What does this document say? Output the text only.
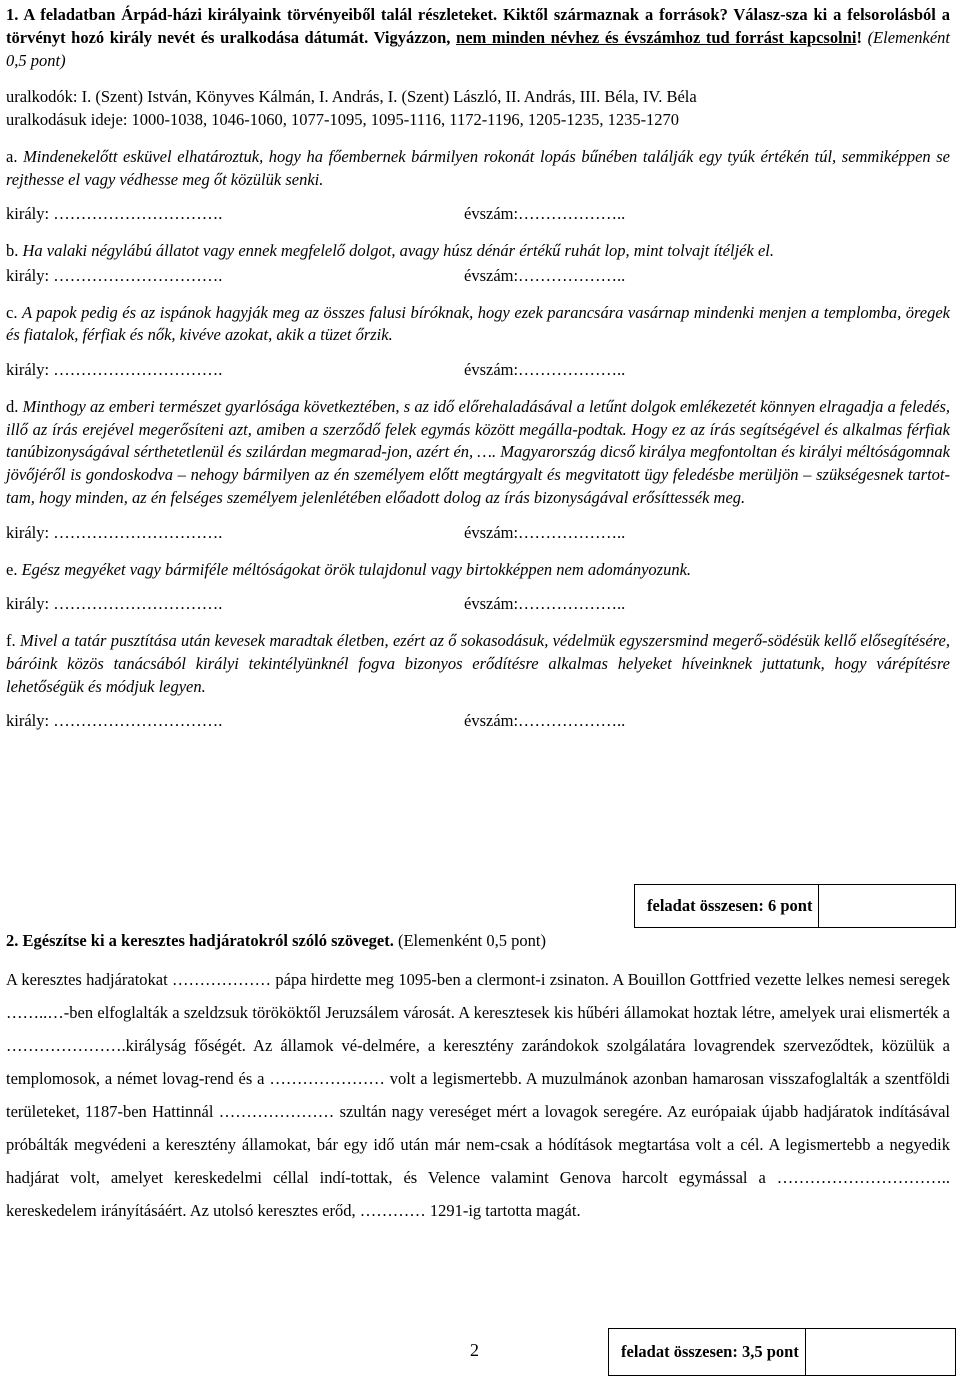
1. A feladatban Árpád-házi királyaink törvényeiből talál részleteket. Kiktől származnak a források? Válasz-sza ki a felsorolásból a törvényt hozó király nevét és uralkodása dátumát. Vigyázzon, nem minden névhez és évszámhoz tud forrást kapcsolni! (Elemenként 0,5 pont)

uralkodók: I. (Szent) István, Könyves Kálmán, I. András, I. (Szent) László, II. András, III. Béla, IV. Béla

uralkodásuk ideje: 1000-1038, 1046-1060, 1077-1095, 1095-1116, 1172-1196, 1205-1235, 1235-1270

a. Mindenekelőtt esküvel elhatároztuk, hogy ha főembernek bármilyen rokonát lopás bűnében találják egy tyúk értékén túl, semmiképpen se rejthesse el vagy védhesse meg őt közülük senki.

király: ………………………….	évszám:………………..

b. Ha valaki négylábú állatot vagy ennek megfelelő dolgot, avagy húsz dénár értékű ruhát lop, mint tolvajt ítéljék el.

király: ………………………….	évszám:………………..

c. A papok pedig és az ispánok hagyják meg az összes falusi bíróknak, hogy ezek parancsára vasárnap mindenki menjen a templomba, öregek és fiatalok, férfiak és nők, kivéve azokat, akik a tüzet őrzik.

király: ………………………….	évszám:………………..

d. Minthogy az emberi természet gyarlósága következtében, s az idő előrehaladásával a letűnt dolgok emlékezetét könnyen elragadja a feledés, illő az írás erejével megerősíteni azt, amiben a szerződő felek egymás között megálla-podtak. Hogy ez az írás segítségével és alkalmas férfiak tanúbizonyságával sérthetetlenül és szilárdan megmarad-jon, azért én, …. Magyarország dicső királya megfontoltan és királyi méltóságomnak jövőjéről is gondoskodva – nehogy bármilyen az én személyem előtt megtárgyalt és megvitatott ügy feledésbe merüljön – szükségesnek tartot-tam, hogy minden, az én felséges személyem jelenlétében előadott dolog az írás bizonyságával erősíttessék meg.

király: ………………………….	évszám:………………..

e. Egész megyéket vagy bármiféle méltóságokat örök tulajdonul vagy birtokképpen nem adományozunk.

király: ………………………….	évszám:………………..

f. Mivel a tatár pusztítása után kevesek maradtak életben, ezért az ő sokasodásuk, védelmük egyszersmind megerő-södésük kellő elősegítésére, báróink közös tanácsából királyi tekintélyünknél fogva bizonyos erődítésre alkalmas helyeket híveinknek juttatunk, hogy várépítésre lehetőségük és módjuk legyen.

király: ………………………….	évszám:………………..
feladat összesen: 6 pont

2. Egészítse ki a keresztes hadjáratokról szóló szöveget. (Elemenként 0,5 pont)

A keresztes hadjáratokat ……………… pápa hirdette meg 1095-ben a clermont-i zsinaton. A Bouillon Gottfried vezette lelkes nemesi seregek ……..…-ben elfoglalták a szeldzsuk törököktől Jeruzsálem városát. A keresztesek kis hűbéri államokat hoztak létre, amelyek urai elismerték a ………………….királyság főségét. Az államok vé-delmére, a keresztény zarándokok szolgálatára lovagrendek szerveződtek, közülük a templomosok, a német lovag-rend és a ………………… volt a legismertebb. A muzulmánok azonban hamarosan visszafoglalták a szentföldi területeket, 1187-ben Hattinnál ………………… szultán nagy vereséget mért a lovagok seregére. Az európaiak újabb hadjáratok indításával próbálták megvédeni a keresztény államokat, bár egy idő után már nem-csak a hódítások megtartása volt a cél. A legismertebb a negyedik hadjárat volt, amelyet kereskedelmi céllal indí-tottak, és Velence valamint Genova harcolt egymással a ………………………….. kereskedelem irányításáért. Az utolsó keresztes erőd, ………… 1291-ig tartotta magát.

2	feladat összesen: 3,5 pont
